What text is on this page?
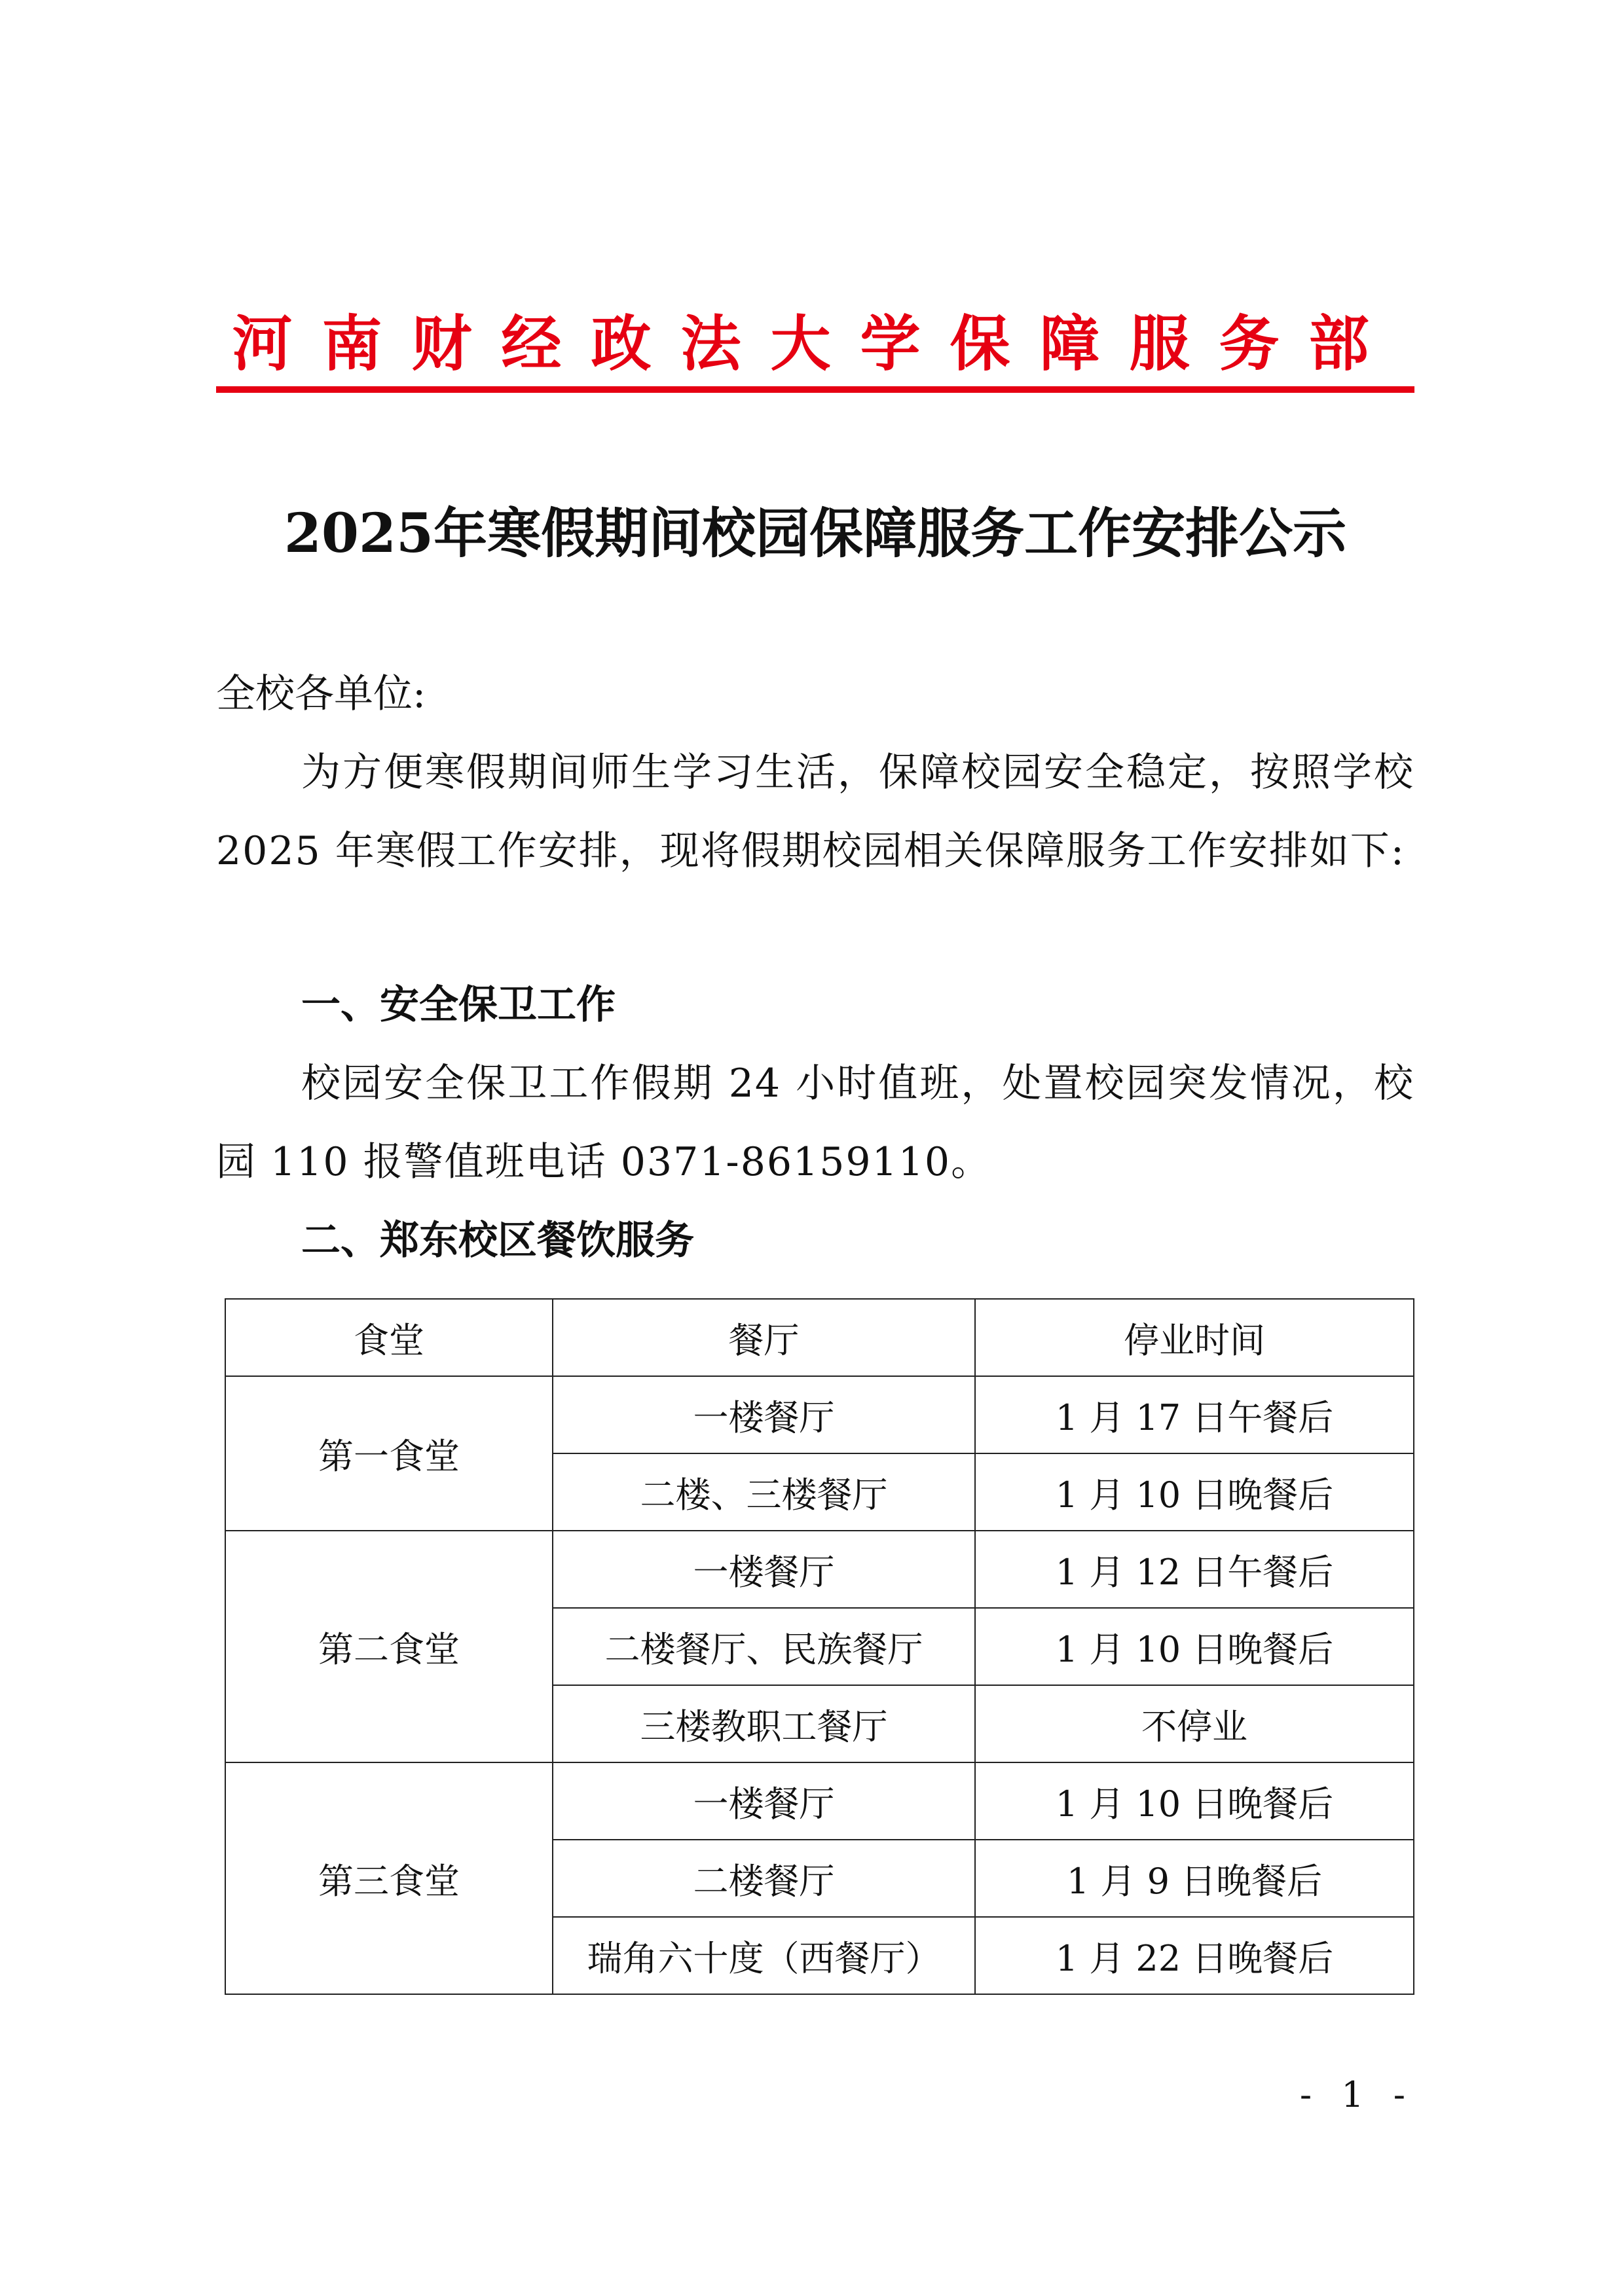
河南财经政法大学保障服务部
2025年寒假期间校园保障服务工作安排公示
全校各单位:
为方便寒假期间师生学习生活，保障校园安全稳定，按照学校 2025 年寒假工作安排，现将假期校园相关保障服务工作安排如下:
一、安全保卫工作
校园安全保卫工作假期 24 小时值班，处置校园突发情况，校园 110 报警值班电话 0371-86159110。
二、郑东校区餐饮服务
食堂	餐厅	停业时间
第一食堂	一楼餐厅	1 月 17 日午餐后
	二楼、三楼餐厅	1 月 10 日晚餐后
第二食堂	一楼餐厅	1 月 12 日午餐后
	二楼餐厅、民族餐厅	1 月 10 日晚餐后
	三楼教职工餐厅	不停业
第三食堂	一楼餐厅	1 月 10 日晚餐后
	二楼餐厅	1 月 9 日晚餐后
	瑞角六十度（西餐厅）	1 月 22 日晚餐后
- 1 -
